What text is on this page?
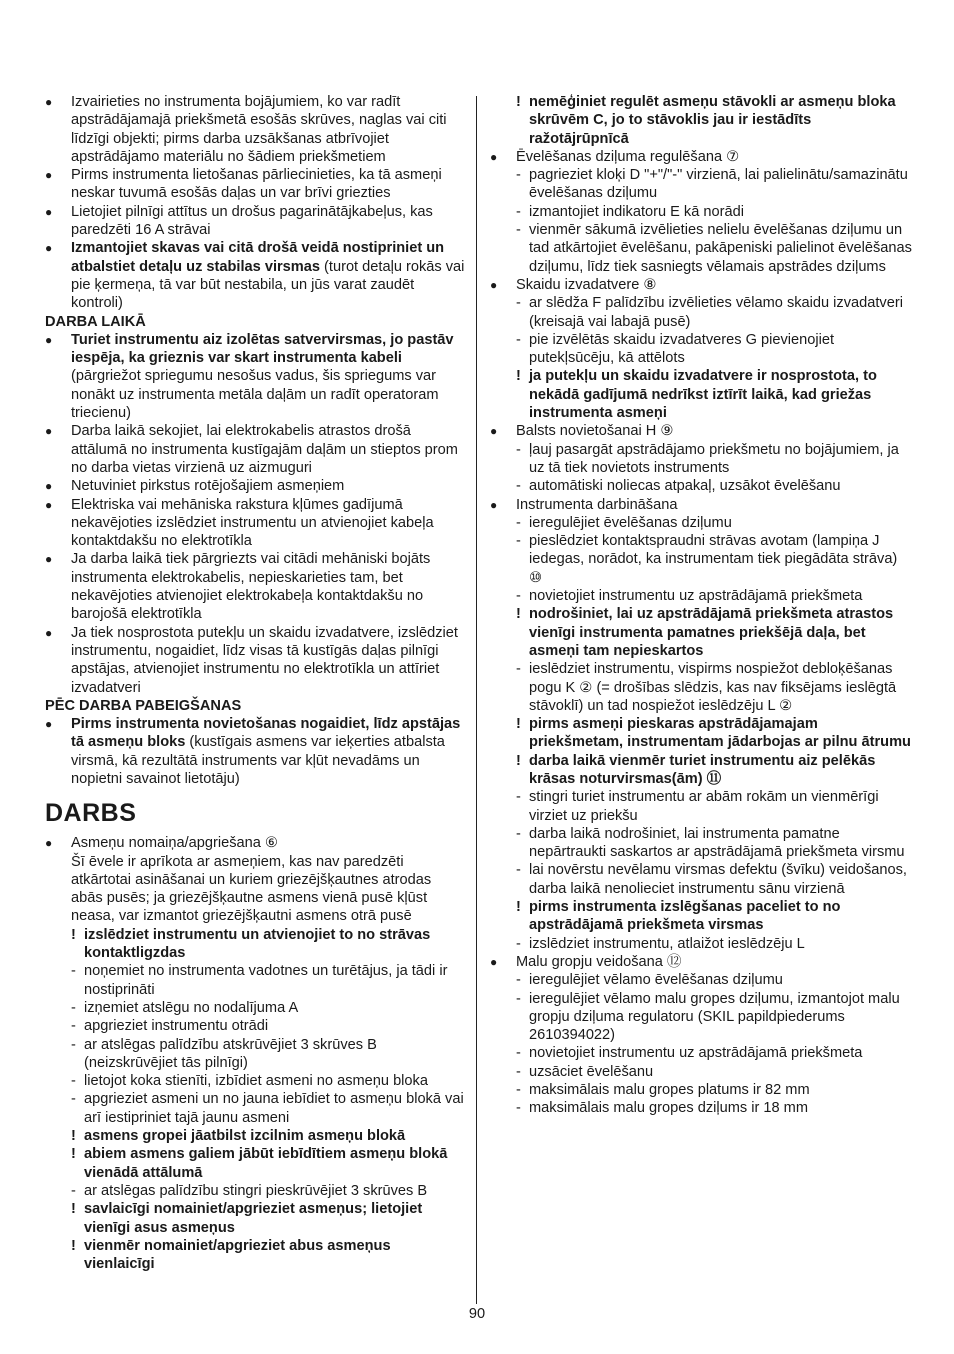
●	Izvairieties no instrumenta bojājumiem, ko var radīt apstrādājamajā priekšmetā esošās skrūves, naglas vai citi līdzīgi objekti; pirms darba uzsākšanas atbrīvojiet apstrādājamo materiālu no šādiem priekšmetiem
●	Pirms instrumenta lietošanas pārliecinieties, ka tā asmeņi neskar tuvumā esošās daļas un var brīvi griezties
●	Lietojiet pilnīgi attītus un drošus pagarinātājkabeļus, kas paredzēti 16 A strāvai
●	Izmantojiet skavas vai citā drošā veidā nostipriniet un atbalstiet detaļu uz stabilas virsmas (turot detaļu rokās vai pie ķermeņa, tā var būt nestabila, un jūs varat zaudēt kontroli)
DARBA LAIKĀ
●	Turiet instrumentu aiz izolētas satvervirsmas, jo pastāv iespēja, ka grieznis var skart instrumenta kabeli (pārgriežot spriegumu nesošus vadus, šis spriegums var nonākt uz instrumenta metāla daļām un radīt operatoram triecienu)
●	Darba laikā sekojiet, lai elektrokabelis atrastos drošā attālumā no instrumenta kustīgajām daļām un stieptos prom no darba vietas virzienā uz aizmuguri
●	Netuviniet pirkstus rotējošajiem asmeņiem
●	Elektriska vai mehāniska rakstura kļūmes gadījumā nekavējoties izslēdziet instrumentu un atvienojiet kabeļa kontaktdakšu no elektrotīkla
●	Ja darba laikā tiek pārgriezts vai citādi mehāniski bojāts instrumenta elektrokabelis, nepieskarieties tam, bet nekavējoties atvienojiet elektrokabeļa kontaktdakšu no barojošā elektrotīkla
●	Ja tiek nosprostota putekļu un skaidu izvadatvere, izslēdziet instrumentu, nogaidiet, līdz visas tā kustīgās daļas pilnīgi apstājas, atvienojiet instrumentu no elektrotīkla un attīriet izvadatveri
PĒC DARBA PABEIGŠANAS
●	Pirms instrumenta novietošanas nogaidiet, līdz apstājas tā asmeņu bloks (kustīgais asmens var ieķerties atbalsta virsmā, kā rezultātā instruments var kļūt nevadāms un nopietni savainot lietotāju)
DARBS
●	Asmeņu nomaiņa/apgriešana ⑥
Šī ēvele ir aprīkota ar asmeņiem, kas nav paredzēti atkārtotai asināšanai un kuriem griezējšķautnes atrodas abās pusēs; ja griezējšķautne asmens vienā pusē kļūst neasa, var izmantot griezējšķautni asmens otrā pusē
! izslēdziet instrumentu un atvienojiet to no strāvas kontaktligzdas
- noņemiet no instrumenta vadotnes un turētājus, ja tādi ir nostiprināti
- izņemiet atslēgu no nodalījuma A
- apgrieziet instrumentu otrādi
- ar atslēgas palīdzību atskrūvējiet 3 skrūves B (neizskrūvējiet tās pilnīgi)
- lietojot koka stienīti, izbīdiet asmeni no asmeņu bloka
- apgrieziet asmeni un no jauna iebīdiet to asmeņu blokā vai arī iestipriniet tajā jaunu asmeni
! asmens gropei jāatbilst izcilnim asmeņu blokā
! abiem asmens galiem jābūt iebīdītiem asmeņu blokā vienādā attālumā
- ar atslēgas palīdzību stingri pieskrūvējiet 3 skrūves B
! savlaicīgi nomainiet/apgrieziet asmeņus; lietojiet vienīgi asus asmeņus
! vienmēr nomainiet/apgrieziet abus asmeņus vienlaicīgi
! nemēģiniet regulēt asmeņu stāvokli ar asmeņu bloka skrūvēm C, jo to stāvoklis jau ir iestādīts ražotājrūpnīcā
●	Ēvelēšanas dziļuma regulēšana ⑦
- pagrieziet kloķi D "+"/"-" virzienā, lai palielinātu/samazinātu ēvelēšanas dziļumu
- izmantojiet indikatoru E kā norādi
- vienmēr sākumā izvēlieties nelielu ēvelēšanas dziļumu un tad atkārtojiet ēvelēšanu, pakāpeniski palielinot ēvelēšanas dziļumu, līdz tiek sasniegts vēlamais apstrādes dziļums
●	Skaidu izvadatvere ⑧
- ar slēdža F palīdzību izvēlieties vēlamo skaidu izvadatveri (kreisajā vai labajā pusē)
- pie izvēlētās skaidu izvadatveres G pievienojiet putekļsūcēju, kā attēlots
! ja putekļu un skaidu izvadatvere ir nosprostota, to nekādā gadījumā nedrīkst iztīrīt laikā, kad griežas instrumenta asmeņi
●	Balsts novietošanai H ⑨
- ļauj pasargāt apstrādājamo priekšmetu no bojājumiem, ja uz tā tiek novietots instruments
- automātiski noliecas atpakaļ, uzsākot ēvelēšanu
●	Instrumenta darbināšana
- ieregulējiet ēvelēšanas dziļumu
- pieslēdziet kontaktspraudni strāvas avotam (lampiņa J iedegas, norādot, ka instrumentam tiek piegādāta strāva) ⑩
- novietojiet instrumentu uz apstrādājamā priekšmeta
! nodrošiniet, lai uz apstrādājamā priekšmeta atrastos vienīgi instrumenta pamatnes priekšējā daļa, bet asmeņi tam nepieskartos
- ieslēdziet instrumentu, vispirms nospiežot debloķēšanas pogu K ② (= drošības slēdzis, kas nav fiksējams ieslēgtā stāvoklī) un tad nospiežot ieslēdzēju L ②
! pirms asmeņi pieskaras apstrādājamajam priekšmetam, instrumentam jādarbojas ar pilnu ātrumu
! darba laikā vienmēr turiet instrumentu aiz pelēkās krāsas noturvirsmas(ām) ⑪
- stingri turiet instrumentu ar abām rokām un vienmērīgi virziet uz priekšu
- darba laikā nodrošiniet, lai instrumenta pamatne nepārtraukti saskartos ar apstrādājamā priekšmeta virsmu
- lai novērstu nevēlamu virsmas defektu (švīku) veidošanos, darba laikā nenolieciet instrumentu sānu virzienā
! pirms instrumenta izslēgšanas paceliet to no apstrādājamā priekšmeta virsmas
- izslēdziet instrumentu, atlaižot ieslēdzēju L
●	Malu gropju veidošana ⑫
- ieregulējiet vēlamo ēvelēšanas dziļumu
- ieregulējiet vēlamo malu gropes dziļumu, izmantojot malu gropju dziļuma regulatoru (SKIL papildpiederums 2610394022)
- novietojiet instrumentu uz apstrādājamā priekšmeta
- uzsāciet ēvelēšanu
- maksimālais malu gropes platums ir 82 mm
- maksimālais malu gropes dziļums ir 18 mm
90
